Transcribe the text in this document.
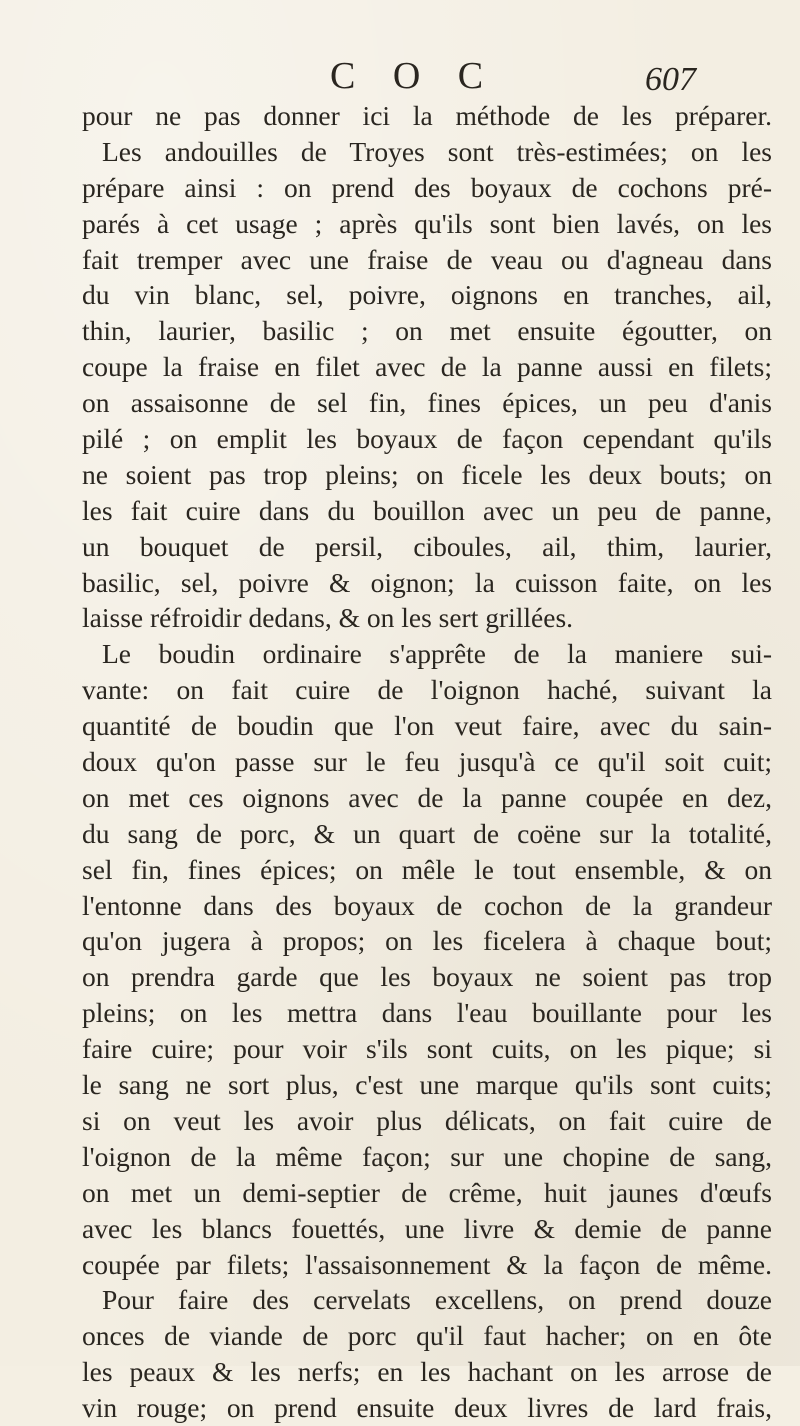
C O C	607
pour ne pas donner ici la méthode de les préparer.
Les andouilles de Troyes sont très-estimées; on les
prépare ainsi : on prend des boyaux de cochons pré-
parés à cet usage ; après qu'ils sont bien lavés, on les
fait tremper avec une fraise de veau ou d'agneau dans
du vin blanc, sel, poivre, oignons en tranches, ail,
thin, laurier, basilic ; on met ensuite égoutter, on
coupe la fraise en filet avec de la panne aussi en filets;
on assaisonne de sel fin, fines épices, un peu d'anis
pilé ; on emplit les boyaux de façon cependant qu'ils
ne soient pas trop pleins; on ficele les deux bouts; on
les fait cuire dans du bouillon avec un peu de panne,
un bouquet de persil, ciboules, ail, thim, laurier,
basilic, sel, poivre & oignon; la cuisson faite, on les
laisse réfroidir dedans, & on les sert grillées.
Le boudin ordinaire s'apprête de la maniere sui-
vante: on fait cuire de l'oignon haché, suivant la
quantité de boudin que l'on veut faire, avec du sain-
doux qu'on passe sur le feu jusqu'à ce qu'il soit cuit;
on met ces oignons avec de la panne coupée en dez,
du sang de porc, & un quart de coëne sur la totalité,
sel fin, fines épices; on mêle le tout ensemble, & on
l'entonne dans des boyaux de cochon de la grandeur
qu'on jugera à propos; on les ficelera à chaque bout;
on prendra garde que les boyaux ne soient pas trop
pleins; on les mettra dans l'eau bouillante pour les
faire cuire; pour voir s'ils sont cuits, on les pique; si
le sang ne sort plus, c'est une marque qu'ils sont cuits;
si on veut les avoir plus délicats, on fait cuire de
l'oignon de la même façon; sur une chopine de sang,
on met un demi-septier de crême, huit jaunes d'œufs
avec les blancs fouettés, une livre & demie de panne
coupée par filets; l'assaisonnement & la façon de même.
Pour faire des cervelats excellens, on prend douze
onces de viande de porc qu'il faut hacher; on en ôte
les peaux & les nerfs; en les hachant on les arrose de
vin rouge; on prend ensuite deux livres de lard frais,
